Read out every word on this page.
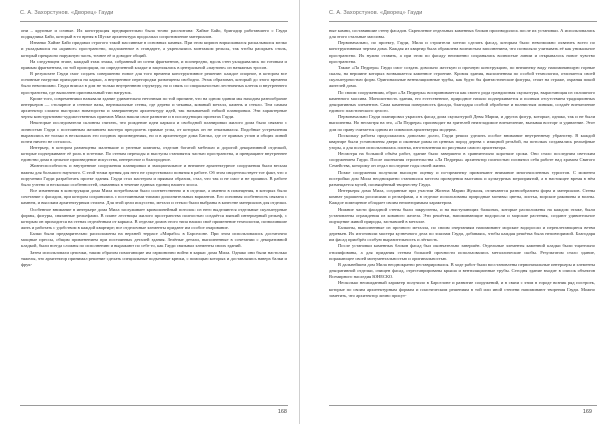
С. А. Захорстунов. «Дворец» Гауди

они – крупные и сочные. Их конструкция предварительно была точно рассчитана: Хайме Байо, бригадир работавшего с Гауди подрядчика Байо, который в то время в Шуске архитектура продолжал сопротивление материалов.

Изнанко Хайме Байо придавал строгого такой массивные в основных камнях. При этом кирпич впрыскивался раскалывался мелко и укладывался на «кривое» пространство, подложенное в стандарте, а укреплялись монтажом рельсы, так чтобы раскрыть стиль, который прекрасно наружную часть, точнее её и доводит общий.

На следующем этапе, каждый этаж этажа, собранный из сотни фрагментов, и поочередно, вдоль стен укладывались по готовым и прямым фрагментам, по той пропорции, по определенной кладке и зацеплялись в центральной «паутине» из натяжных тросов.

В результате Гауди смог создать совершенно новое для того времени конструктивное решение: каждое опорное, в котором все основные нагрузки приходятся на каркас, а внутренние перегородки размещены свободно. Этаж образован, который до этого времени было невозможно. Гауди вписал в дом не только внутреннюю структуру, но и связь со спиральностью лестничных клеток и внутреннего пространства, где выполнен оригинальный тип нагрузок.

Кроме того, современники называли здание удивительно неточным по той причине, что на одном здании мы находим разнообразие интерьеров — столярное и стенное вазы, вертикальные стены, где дерево и чеканка, кованый металл, камень и стекло. Тем самым архитектор сложно выстроил новаторство и завершенную архитектуру идей, так называемой гибкой планировки. Эти характерные черты конструктивно-художественных приемов Мила нашли свое развитие и в последующих проектах Гауди.

Некоторые исследователи склонны считать, что рождение идеи каркаса и свободной планировки жилого дома было связано с личностью Гауди с постоянным желанием мастера преодолеть прямые углы, от которых он не отказывался. Подобные устремления выразились не только в нескольких его поздних произведениях, но и в архитектуре дома Батльо, где от прямых углов и общих линий почти ничего не осталось.

Интерьер, в котором размещены маленькие и уютные комнаты, отделан богатой мебелью и дорогой декоративной отделкой, которые подчеркивают её роль в эстетике. По стенам переходы и выступы становятся частью пространства, и превращают внутреннее единство дома в цельное произведение искусства, интересное и благородное.

Жизнеспособность и внутренние сооружения планировки и эмоциональное и внешнее архитектурное сооружения были весьма важны для большого научного. С этой точки зрения для него не существовало понятия в работе. Об этом свидетельствует тот факт, что о поручении Гауди разработать проект здания. Гауди стал мастером и прямым образом, стал, что так и не смог и не проявил. В работе было учтено и несколько особенностей, связанных в течение единых единиц нашего эпоса.

Все изменения в конструкции дома Мила потребовали было соответственно и в отделке, а именно в помещения, в которых было сочетание с фасадом, при котором сохранились с постоянными типами дополнительных вариантов. Его основная особенность связана с камнем, и высоким архитектурным стилем. Для этой цели искусство, металл и стекло были выбраны в качестве материалов для отделки.

Особенное внимание в интерьере дома Мила заслуживает криволинейный потолок: из него выделяются отдельные скульптурные формы, фигуры, связанные рельефами. В плане лестницы жилого пространства полностью создаётся мягкий интерьерный рельеф, с которым он приходится на стенах отделённым от каркаса. В отделке домов этого типа нашли своё применение технологии, позволившие жить и работать с удобством в каждой квартире; все отделочные элементы придают им особое очарование.

Балки были предварительно расположены на верхней террасе «Мирабо» в Барселоне. При этом использовались достаточно мощные прессы, общим применением при постоянных деталей здания. Зелёные детали, выполненные в сочетании с декоративной кладкой, были всегда сложны по исполнению и выражают по себе то, как Гауди связывал элементы своих зданий.

Затем использовали цепочки, таким образом помогающие им гармонично войти в каркас дома Мила. Однако они были настолько тяжелы, что архитектор принимал решение сделать специальные подъемные крюки, с помощью которых и доставлялись наверх балки и фрук-

168
С. А. Захорстунов. «Дворец» Гауди

ные камни, составившие стену фасадов. Скрепление отдельных каменных блоков производилось после их установки. А использовались для этого стальные массивы.

Первоначально, по проекту, Гауди, Мила и строители хотели сделать фасад, которым было невозможно охватить всего по конструктивным чертам дома. Каждая из квартир была обрамлена волнистым заполнением, что позволяло учитывать её как уникальное пространство. Их нужно ставить, а при этом по фасаду неизменно сохранялись волнистые линии и открывалось новое чувство пространства.

Также «Ла Педрера» Гауди смог создать довольно жесткую и прочную конструкцию, по внешнему виду напоминающую горные скалы, на вершине которых возвышается каменное строение. Кровля здания, выполненная по особой технологии, отличается своей скульптурностью форм. Оригинальные вентиляционные трубы, как будто бы фантастические фигуры, стоят на страже, охраняя покой жителей дома.

По своим сооружениям, образ «Ла Педреры» воспринимается как своего рода грандиозная скульптура, вырастающая из сплошного каменного массива. Монолитность здания, его естественное, природное начало подчеркивается и полным отсутствием традиционных декоративных элементов. Сама каменная поверхность фасада, благодаря особой обработке и волнистым линиям, создаёт впечатление единого пластического целого.

Первоначально Гауди планировал украсить фасад дома скульптурой Девы Марии, и других фигур, которые, однако, так и не были выполнены. Но несмотря на это, «Ла Педрера» производит на зрителей неизгладимое впечатление, вызывая восторг и удивление. Этот дом по праву считается одним из символов архитектуры модерна.

Поскольку работы продолжались довольно долго, Гауди решил уделить особое внимание внутреннему убранству. В каждой квартире были установлены двери и оконные рамы из ценных пород дерева с изящной резьбой, на потолках создавались рельефные узоры, а для полов использовалась плитка, изготовленная по рисункам самого архитектора.

Несмотря на большой объём работ, здание было завершено в сравнительно короткие сроки. Оно стало последним светским сооружением Гауди. После окончания строительства «Ла Педреры» архитектор полностью посвятил себя работе над храмом Святого Семейства, которому он отдал последние годы своей жизни.

Позже сооружения получили высокую оценку и по-прежнему привлекают внимание многочисленных туристов. С момента постройки дом Мила неоднократно становился местом проведения выставок и культурных мероприятий, а в настоящее время в нём размещается музей, посвящённый творчеству Гауди.

Интерьеры дома Мила, созданные при участии Жозепа Марии Жужоля, отличаются разнообразием форм и материалов. Стены комнат украшены росписями и рельефами, а в отделке использованы природные мотивы: цветы, листья, морские раковины и волны. Каждое помещение обладает своим неповторимым характером.

Нижние части фасадной стены были закруглены, и на выступающих балконах, которые расположены на каждом этаже, были установлены ограждения из кованого железа. Эти решётки, напоминающие водоросли и морские растения, создают удивительное ощущение живой природы, застывшей в металле.

Балконы, выполненные из прочного металла, по своим очертаниям напоминают морские водоросли и переплетающиеся ветви деревьев. Их изготовили мастера кузнечного дела по эскизам Гауди, добиваясь, чтобы каждая решётка была неповторимой. Благодаря им фасад приобрёл особую выразительность и лёгкость.

После установки каменных блоков фасад был окончательно завершён. Отдельные элементы каменной кладки были тщательно отшлифованы, а для придания стенам большей прочности использовались металлические скобы. Результатом стало здание, поражающее своей монументальностью и оригинальностью.

В дальнейшем дом Мила неоднократно реставрировался. В ходе работ были восстановлены первоначальные интерьеры и элементы декоративной отделки, очищен фасад, отреставрированы крыша и вентиляционные трубы. Сегодня здание входит в список объектов Всемирного наследия ЮНЕСКО.

Несколько неожиданный характер получило в Барселоне и развитие сооружений, и в связи с этим в городе возник ряд построек, которые по своим архитектурным формам и пластическим решениям в той или иной степени напоминают творения Гауди. Можно заметить, что архитектор лично присут-

169
